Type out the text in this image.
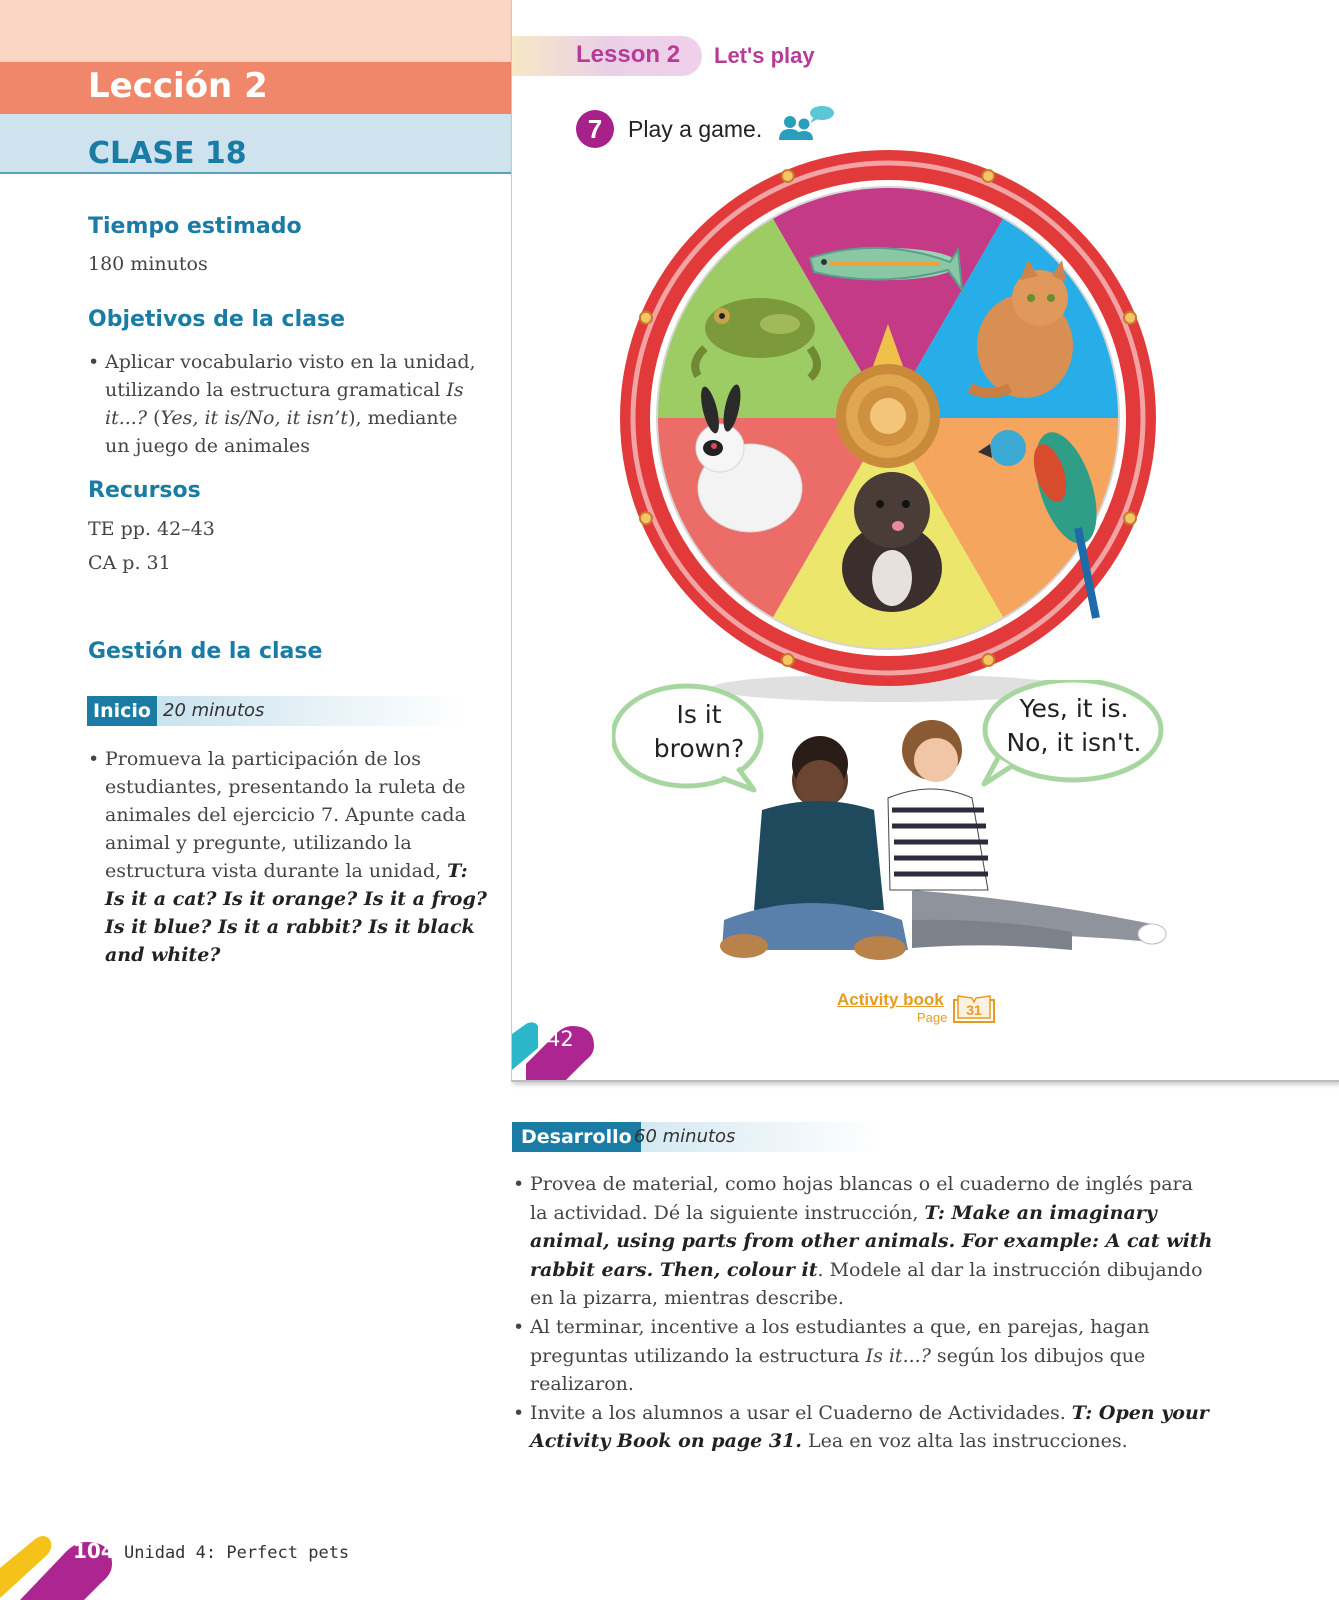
Lección 2
CLASE 18
Tiempo estimado

180 minutos

Objetivos de la clase
• Aplicar vocabulario visto en la unidad, utilizando la estructura gramatical Is it...? (Yes, it is/No, it isn’t), mediante un juego de animales
Recursos

TE pp. 42–43

CA p. 31

Gestión de la clase
Inicio 20 minutos
• Promueva la participación de los estudiantes, presentando la ruleta de animales del ejercicio 7. Apunte cada animal y pregunte, utilizando la estructura vista durante la unidad, T: Is it a cat? Is it orange? Is it a frog? Is it blue? Is it a rabbit? Is it black and white?

Lesson 2 Let's play

7	Play a game.

Is it

brown?

Yes, it is.

No, it isn't.

Activity book
Page 31

42

Desarrollo 60 minutos
• Provea de material, como hojas blancas o el cuaderno de inglés para la actividad. Dé la siguiente instrucción, T: Make an imaginary animal, using parts from other animals. For example: A cat with rabbit ears. Then, colour it. Modele al dar la instrucción dibujando en la pizarra, mientras describe.
• Al terminar, incentive a los estudiantes a que, en parejas, hagan preguntas utilizando la estructura Is it...? según los dibujos que realizaron.
• Invite a los alumnos a usar el Cuaderno de Actividades. T: Open your Activity Book on page 31. Lea en voz alta las instrucciones.

104 Unidad 4: Perfect pets
